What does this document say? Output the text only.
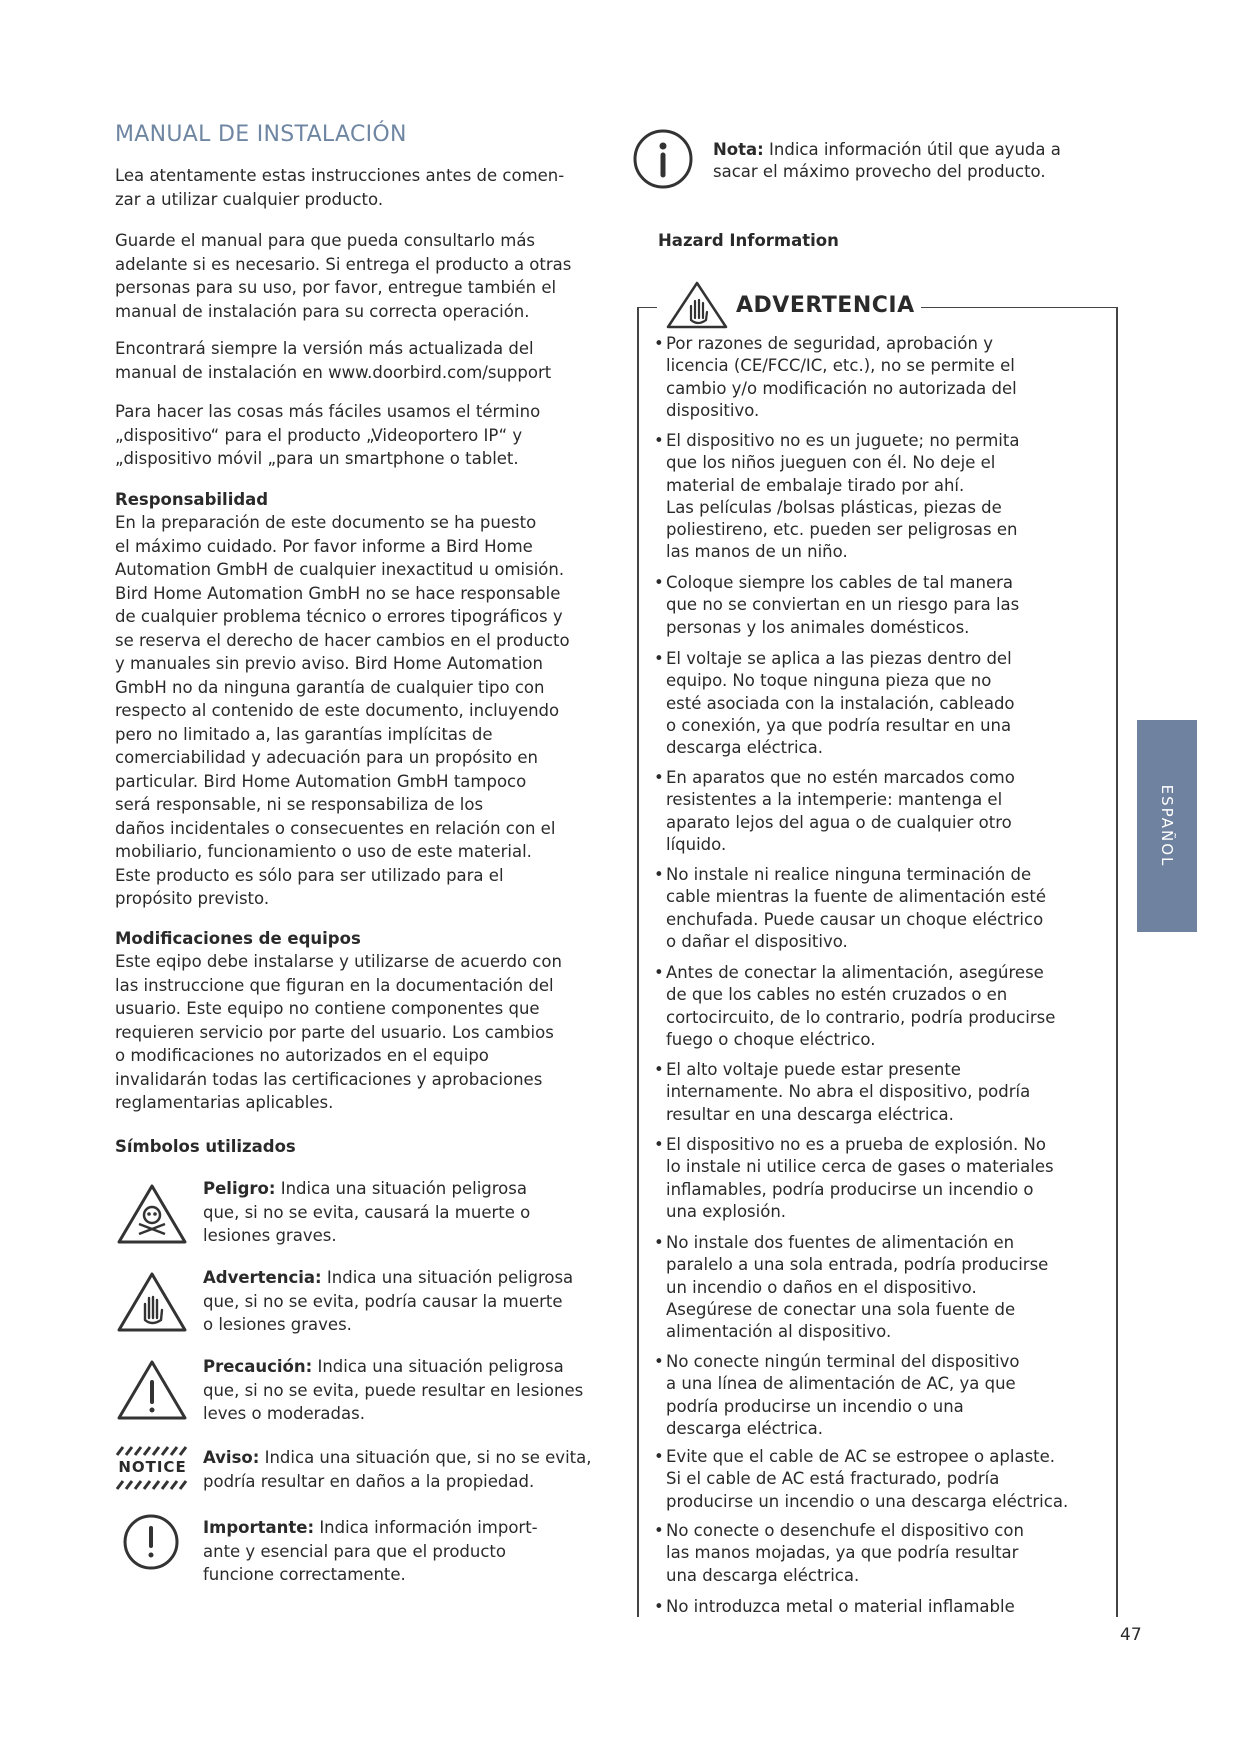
MANUAL DE INSTALACIÓN
Lea atentamente estas instrucciones antes de comen-
zar a utilizar cualquier producto.
Guarde el manual para que pueda consultarlo más
adelante si es necesario. Si entrega el producto a otras
personas para su uso, por favor, entregue también el
manual de instalación para su correcta operación.
Encontrará siempre la versión más actualizada del
manual de instalación en www.doorbird.com/support
Para hacer las cosas más fáciles usamos el término
„dispositivo“ para el producto „Videoportero IP“ y
„dispositivo móvil „para un smartphone o tablet.
Responsabilidad
En la preparación de este documento se ha puesto
el máximo cuidado. Por favor informe a Bird Home
Automation GmbH de cualquier inexactitud u omisión.
Bird Home Automation GmbH no se hace responsable
de cualquier problema técnico o errores tipográficos y
se reserva el derecho de hacer cambios en el producto
y manuales sin previo aviso. Bird Home Automation
GmbH no da ninguna garantía de cualquier tipo con
respecto al contenido de este documento, incluyendo
pero no limitado a, las garantías implícitas de
comerciabilidad y adecuación para un propósito en
particular. Bird Home Automation GmbH tampoco
será responsable, ni se responsabiliza de los
daños incidentales o consecuentes en relación con el
mobiliario, funcionamiento o uso de este material.
Este producto es sólo para ser utilizado para el
propósito previsto.
Modificaciones de equipos
Este eqipo debe instalarse y utilizarse de acuerdo con
las instruccione que figuran en la documentación del
usuario. Este equipo no contiene componentes que
requieren servicio por parte del usuario. Los cambios
o modificaciones no autorizados en el equipo
invalidarán todas las certificaciones y aprobaciones
reglamentarias aplicables.
Símbolos utilizados
Peligro: Indica una situación peligrosa
que, si no se evita, causará la muerte o
lesiones graves.
Advertencia: Indica una situación peligrosa
que, si no se evita, podría causar la muerte
o lesiones graves.
Precaución: Indica una situación peligrosa
que, si no se evita, puede resultar en lesiones
leves o moderadas.
NOTICE Aviso: Indica una situación que, si no se evita,
podría resultar en daños a la propiedad.
Importante: Indica información import-
ante y esencial para que el producto
funcione correctamente.
Nota: Indica información útil que ayuda a
sacar el máximo provecho del producto.
Hazard Information
ADVERTENCIA
• Por razones de seguridad, aprobación y
licencia (CE/FCC/IC, etc.), no se permite el
cambio y/o modificación no autorizada del
dispositivo.
• El dispositivo no es un juguete; no permita
que los niños jueguen con él. No deje el
material de embalaje tirado por ahí.
Las películas /bolsas plásticas, piezas de
poliestireno, etc. pueden ser peligrosas en
las manos de un niño.
• Coloque siempre los cables de tal manera
que no se conviertan en un riesgo para las
personas y los animales domésticos.
• El voltaje se aplica a las piezas dentro del
equipo. No toque ninguna pieza que no
esté asociada con la instalación, cableado
o conexión, ya que podría resultar en una
descarga eléctrica.
• En aparatos que no estén marcados como
resistentes a la intemperie: mantenga el
aparato lejos del agua o de cualquier otro
líquido.
• No instale ni realice ninguna terminación de
cable mientras la fuente de alimentación esté
enchufada. Puede causar un choque eléctrico
o dañar el dispositivo.
• Antes de conectar la alimentación, asegúrese
de que los cables no estén cruzados o en
cortocircuito, de lo contrario, podría producirse
fuego o choque eléctrico.
• El alto voltaje puede estar presente
internamente. No abra el dispositivo, podría
resultar en una descarga eléctrica.
• El dispositivo no es a prueba de explosión. No
lo instale ni utilice cerca de gases o materiales
inflamables, podría producirse un incendio o
una explosión.
• No instale dos fuentes de alimentación en
paralelo a una sola entrada, podría producirse
un incendio o daños en el dispositivo.
Asegúrese de conectar una sola fuente de
alimentación al dispositivo.
• No conecte ningún terminal del dispositivo
a una línea de alimentación de AC, ya que
podría producirse un incendio o una
descarga eléctrica.
• Evite que el cable de AC se estropee o aplaste.
Si el cable de AC está fracturado, podría
producirse un incendio o una descarga eléctrica.
• No conecte o desenchufe el dispositivo con
las manos mojadas, ya que podría resultar
una descarga eléctrica.
• No introduzca metal o material inflamable
ESPAÑOL
47
